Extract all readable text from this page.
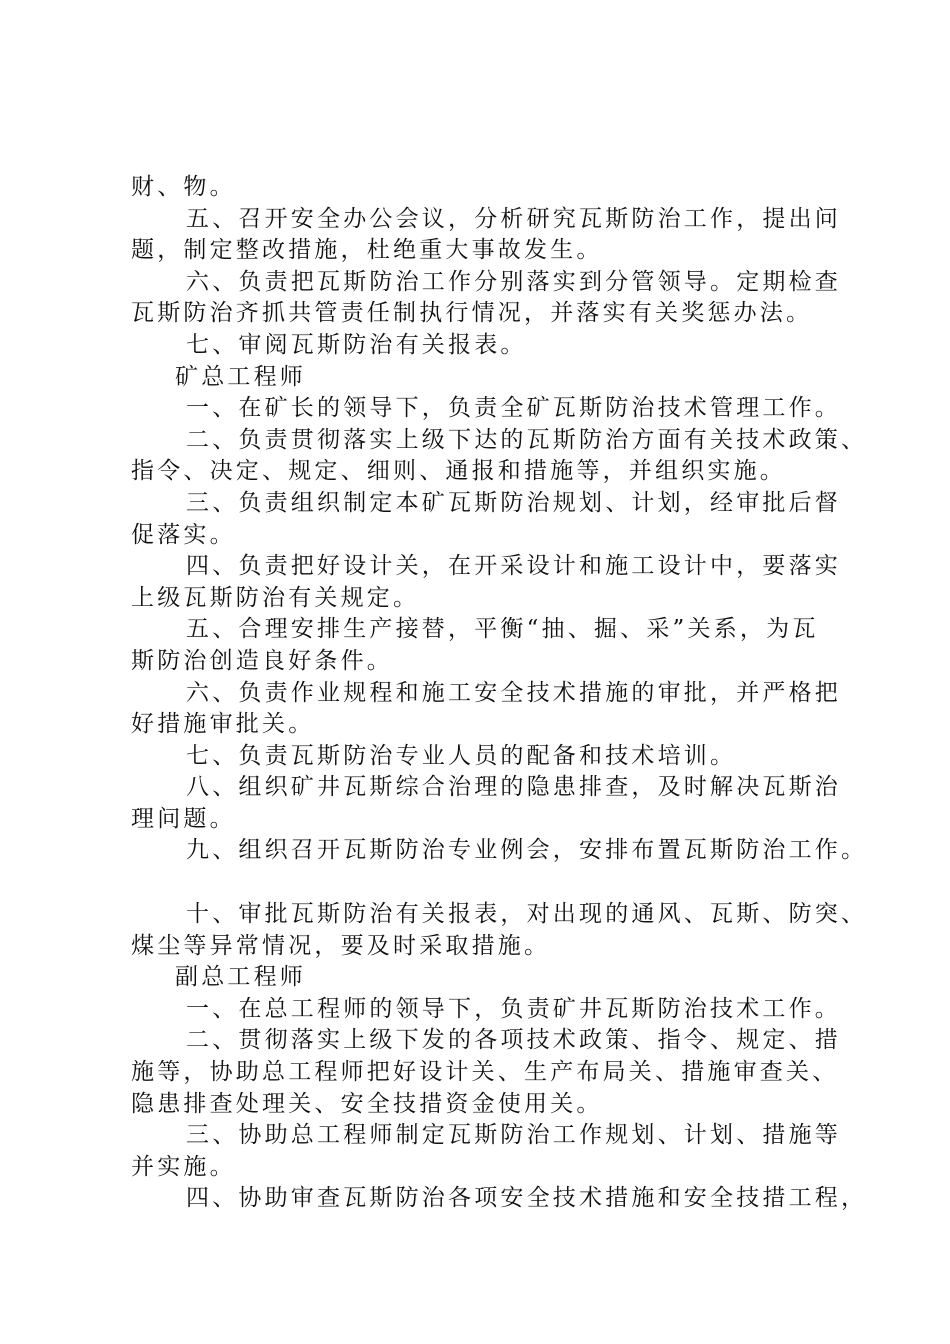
财、物。
五、召开安全办公会议，分析研究瓦斯防治工作，提出问
题，制定整改措施，杜绝重大事故发生。
六、负责把瓦斯防治工作分别落实到分管领导。定期检查
瓦斯防治齐抓共管责任制执行情况，并落实有关奖惩办法。
七、审阅瓦斯防治有关报表。
矿总工程师
一、在矿长的领导下，负责全矿瓦斯防治技术管理工作。
二、负责贯彻落实上级下达的瓦斯防治方面有关技术政策、
指令、决定、规定、细则、通报和措施等，并组织实施。
三、负责组织制定本矿瓦斯防治规划、计划，经审批后督
促落实。
四、负责把好设计关，在开采设计和施工设计中，要落实
上级瓦斯防治有关规定。
五、合理安排生产接替，平衡“抽、掘、采”关系，为瓦
斯防治创造良好条件。
六、负责作业规程和施工安全技术措施的审批，并严格把
好措施审批关。
七、负责瓦斯防治专业人员的配备和技术培训。
八、组织矿井瓦斯综合治理的隐患排查，及时解决瓦斯治
理问题。
九、组织召开瓦斯防治专业例会，安排布置瓦斯防治工作。
十、审批瓦斯防治有关报表，对出现的通风、瓦斯、防突、
煤尘等异常情况，要及时采取措施。
副总工程师
一、在总工程师的领导下，负责矿井瓦斯防治技术工作。
二、贯彻落实上级下发的各项技术政策、指令、规定、措
施等，协助总工程师把好设计关、生产布局关、措施审查关、
隐患排查处理关、安全技措资金使用关。
三、协助总工程师制定瓦斯防治工作规划、计划、措施等
并实施。
四、协助审查瓦斯防治各项安全技术措施和安全技措工程，
